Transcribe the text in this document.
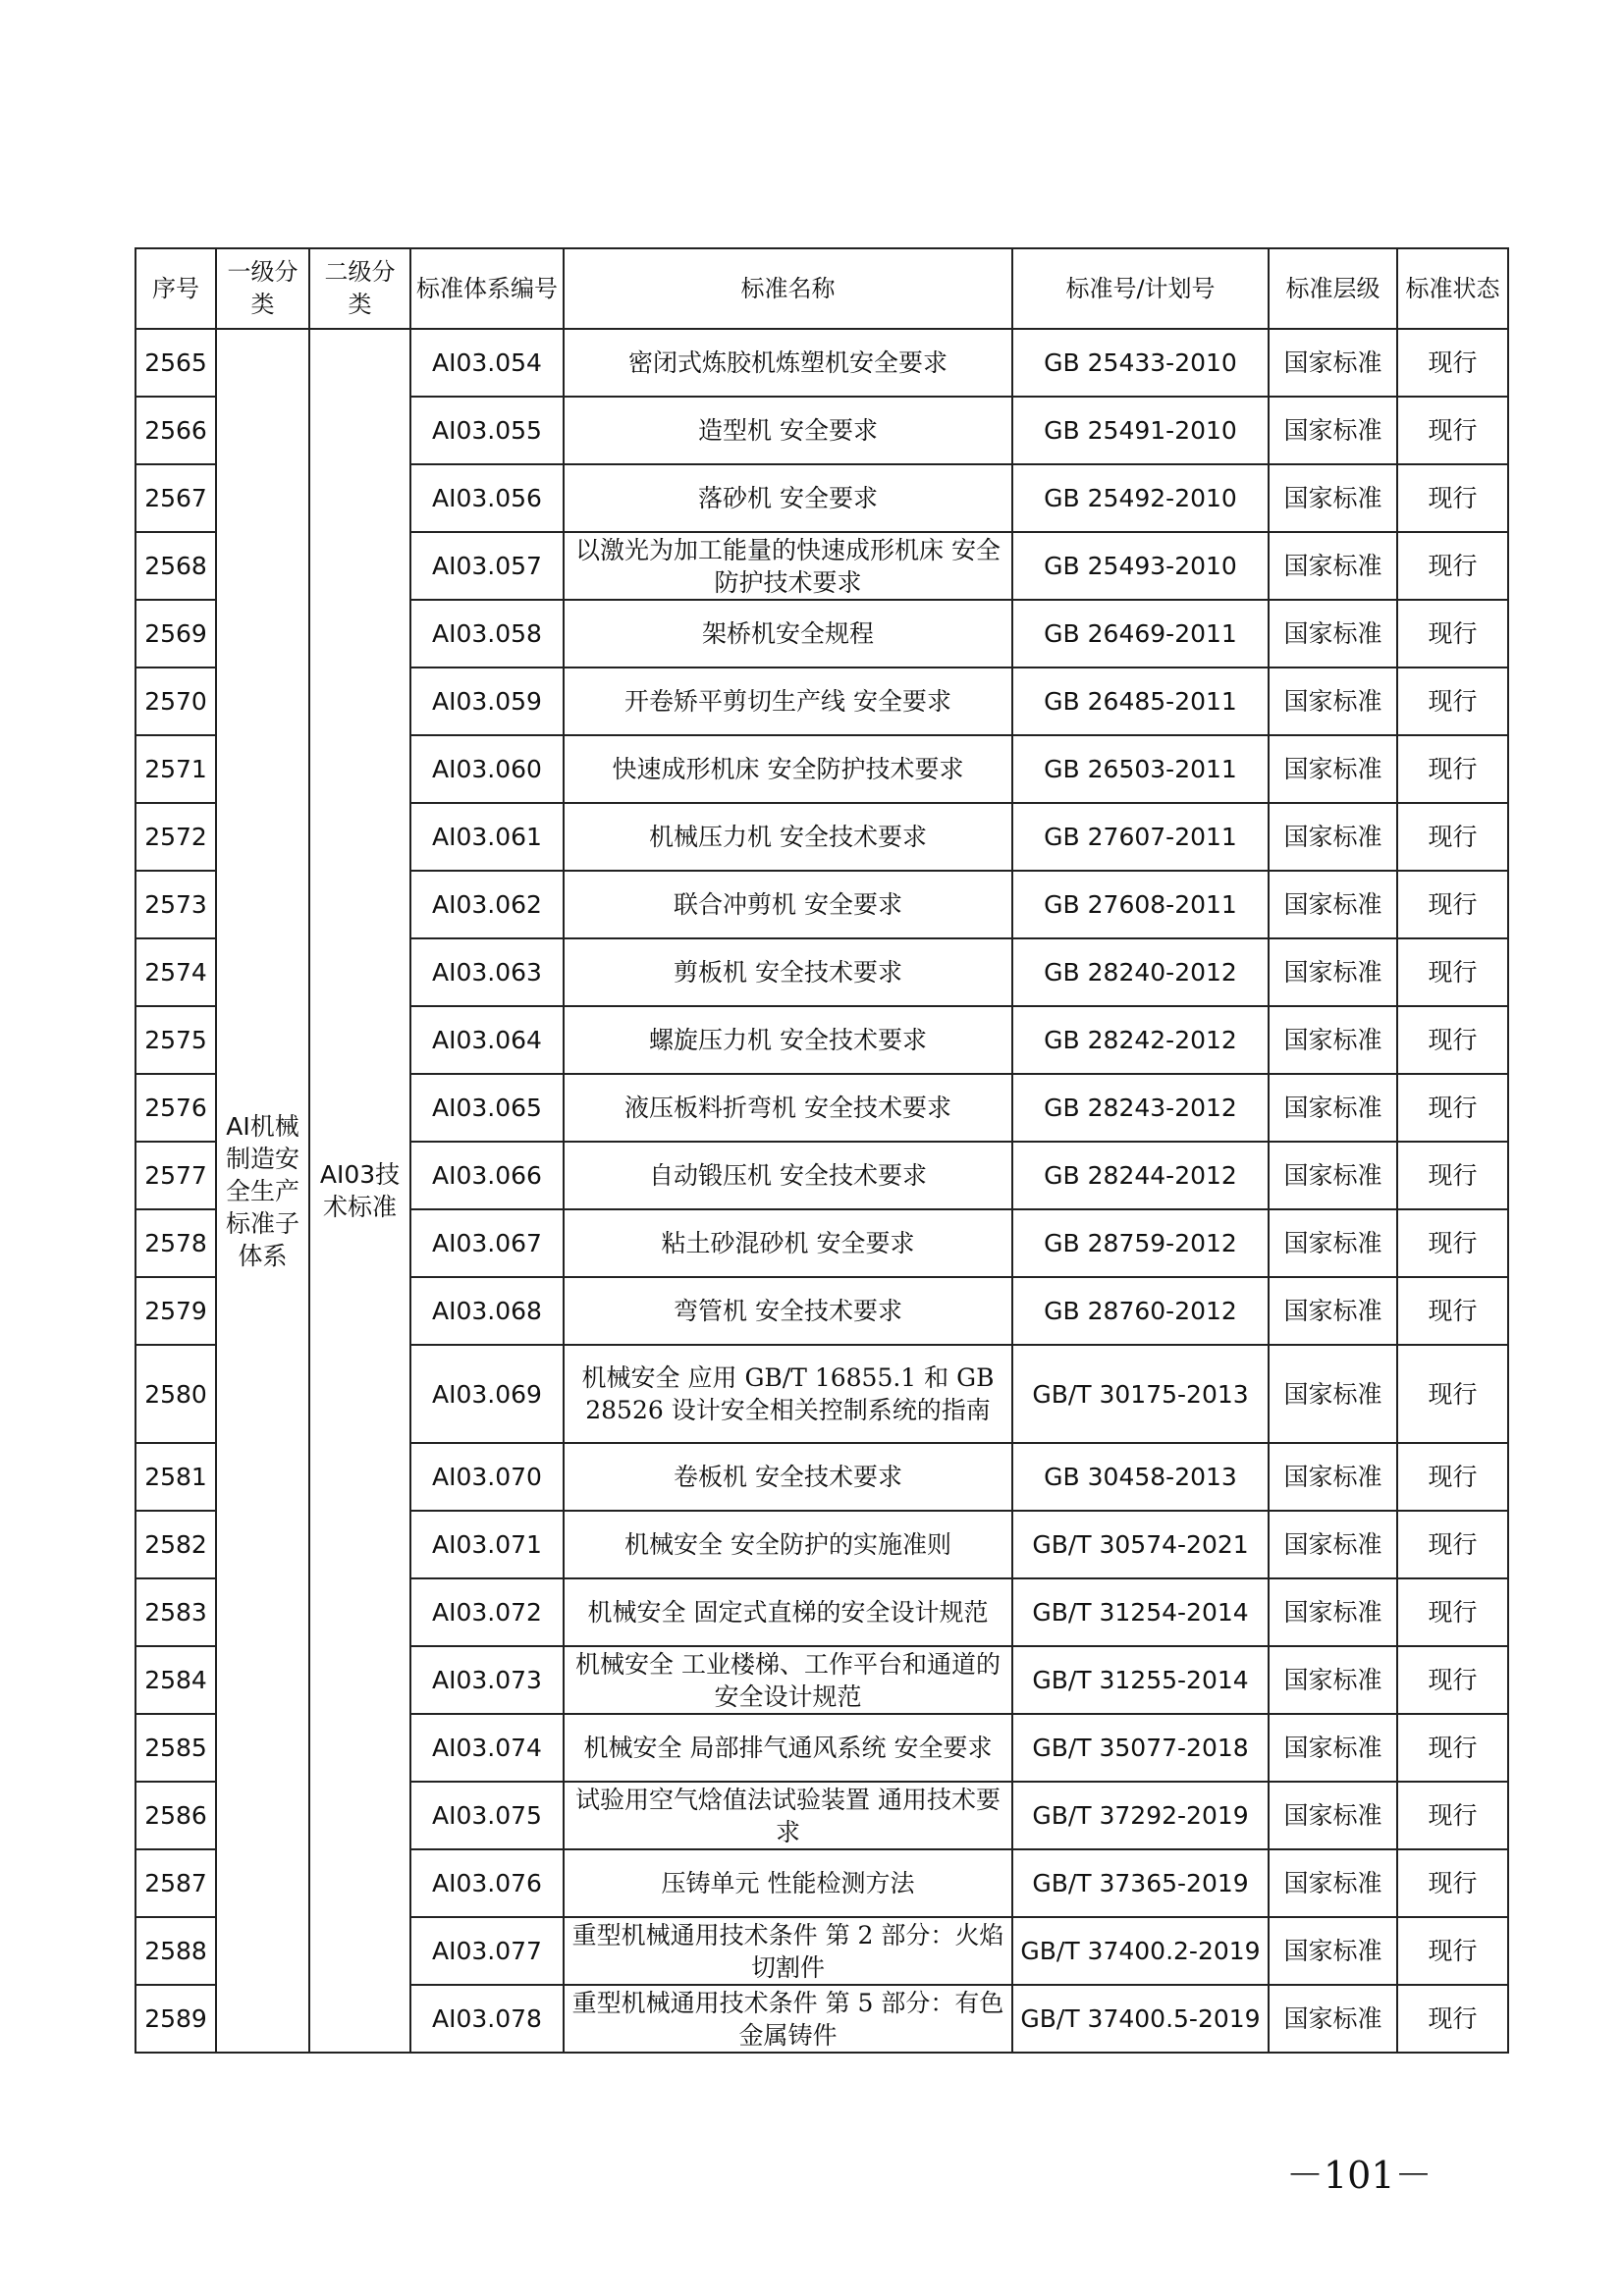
序号	一级分类	二级分类	标准体系编号	标准名称	标准号/计划号	标准层级	标准状态
2565	AI机械制造安全生产标准子体系	AI03技术标准	AI03.054	密闭式炼胶机炼塑机安全要求	GB 25433-2010	国家标准	现行
2566			AI03.055	造型机 安全要求	GB 25491-2010	国家标准	现行
2567			AI03.056	落砂机 安全要求	GB 25492-2010	国家标准	现行
2568			AI03.057	以激光为加工能量的快速成形机床 安全防护技术要求	GB 25493-2010	国家标准	现行
2569			AI03.058	架桥机安全规程	GB 26469-2011	国家标准	现行
2570			AI03.059	开卷矫平剪切生产线 安全要求	GB 26485-2011	国家标准	现行
2571			AI03.060	快速成形机床 安全防护技术要求	GB 26503-2011	国家标准	现行
2572			AI03.061	机械压力机 安全技术要求	GB 27607-2011	国家标准	现行
2573			AI03.062	联合冲剪机 安全要求	GB 27608-2011	国家标准	现行
2574			AI03.063	剪板机 安全技术要求	GB 28240-2012	国家标准	现行
2575			AI03.064	螺旋压力机 安全技术要求	GB 28242-2012	国家标准	现行
2576			AI03.065	液压板料折弯机 安全技术要求	GB 28243-2012	国家标准	现行
2577			AI03.066	自动锻压机 安全技术要求	GB 28244-2012	国家标准	现行
2578			AI03.067	粘土砂混砂机 安全要求	GB 28759-2012	国家标准	现行
2579			AI03.068	弯管机 安全技术要求	GB 28760-2012	国家标准	现行
2580			AI03.069	机械安全 应用 GB/T 16855.1 和 GB 28526 设计安全相关控制系统的指南	GB/T 30175-2013	国家标准	现行
2581			AI03.070	卷板机 安全技术要求	GB 30458-2013	国家标准	现行
2582			AI03.071	机械安全 安全防护的实施准则	GB/T 30574-2021	国家标准	现行
2583			AI03.072	机械安全 固定式直梯的安全设计规范	GB/T 31254-2014	国家标准	现行
2584			AI03.073	机械安全 工业楼梯、工作平台和通道的安全设计规范	GB/T 31255-2014	国家标准	现行
2585			AI03.074	机械安全 局部排气通风系统 安全要求	GB/T 35077-2018	国家标准	现行
2586			AI03.075	试验用空气焓值法试验装置 通用技术要求	GB/T 37292-2019	国家标准	现行
2587			AI03.076	压铸单元 性能检测方法	GB/T 37365-2019	国家标准	现行
2588			AI03.077	重型机械通用技术条件 第 2 部分：火焰切割件	GB/T 37400.2-2019	国家标准	现行
2589			AI03.078	重型机械通用技术条件 第 5 部分：有色金属铸件	GB/T 37400.5-2019	国家标准	现行
－101－
